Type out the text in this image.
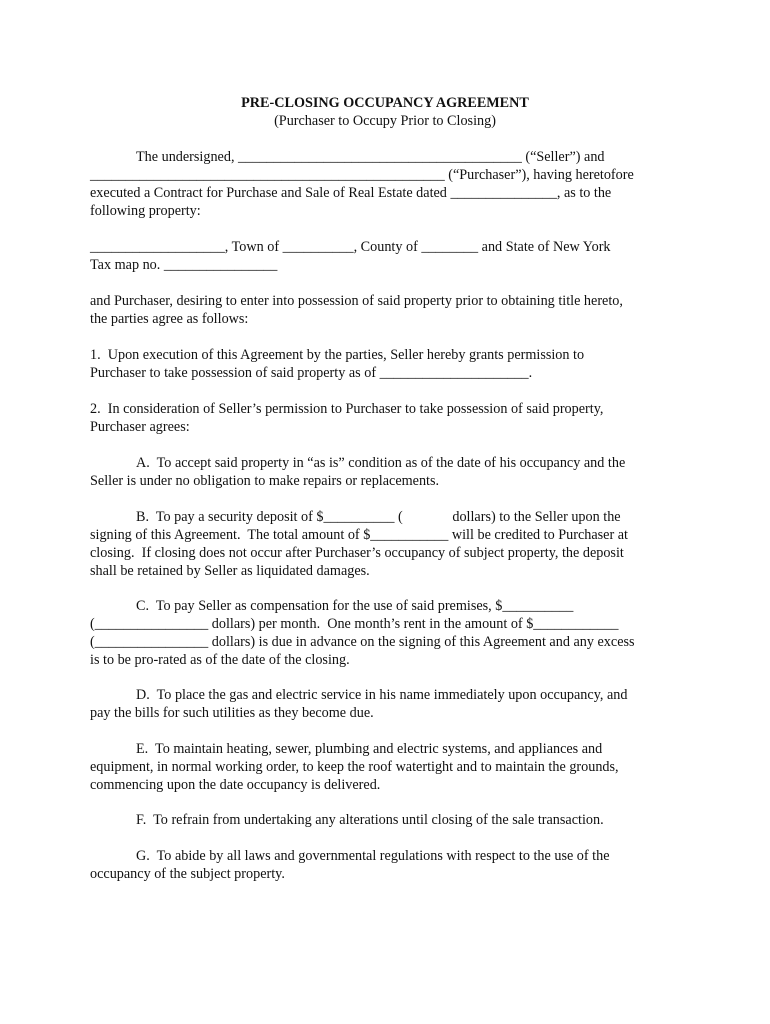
PRE-CLOSING OCCUPANCY AGREEMENT

(Purchaser to Occupy Prior to Closing)

The undersigned, ________________________________________ (“Seller”) and

__________________________________________________ (“Purchaser”), having heretofore

executed a Contract for Purchase and Sale of Real Estate dated _______________, as to the

following property:

___________________, Town of __________, County of ________ and State of New York

Tax map no. ________________

and Purchaser, desiring to enter into possession of said property prior to obtaining title hereto,

the parties agree as follows:

1.  Upon execution of this Agreement by the parties, Seller hereby grants permission to

Purchaser to take possession of said property as of _____________________.

2.  In consideration of Seller’s permission to Purchaser to take possession of said property,

Purchaser agrees:

A.  To accept said property in “as is” condition as of the date of his occupancy and the

Seller is under no obligation to make repairs or replacements.

B.  To pay a security deposit of $__________ (              dollars) to the Seller upon the

signing of this Agreement.  The total amount of $___________ will be credited to Purchaser at

closing.  If closing does not occur after Purchaser’s occupancy of subject property, the deposit

shall be retained by Seller as liquidated damages.

C.  To pay Seller as compensation for the use of said premises, $__________

(________________ dollars) per month.  One month’s rent in the amount of $____________

(________________ dollars) is due in advance on the signing of this Agreement and any excess

is to be pro-rated as of the date of the closing.

D.  To place the gas and electric service in his name immediately upon occupancy, and

pay the bills for such utilities as they become due.

E.  To maintain heating, sewer, plumbing and electric systems, and appliances and

equipment, in normal working order, to keep the roof watertight and to maintain the grounds,

commencing upon the date occupancy is delivered.

F.  To refrain from undertaking any alterations until closing of the sale transaction.

G.  To abide by all laws and governmental regulations with respect to the use of the

occupancy of the subject property.
